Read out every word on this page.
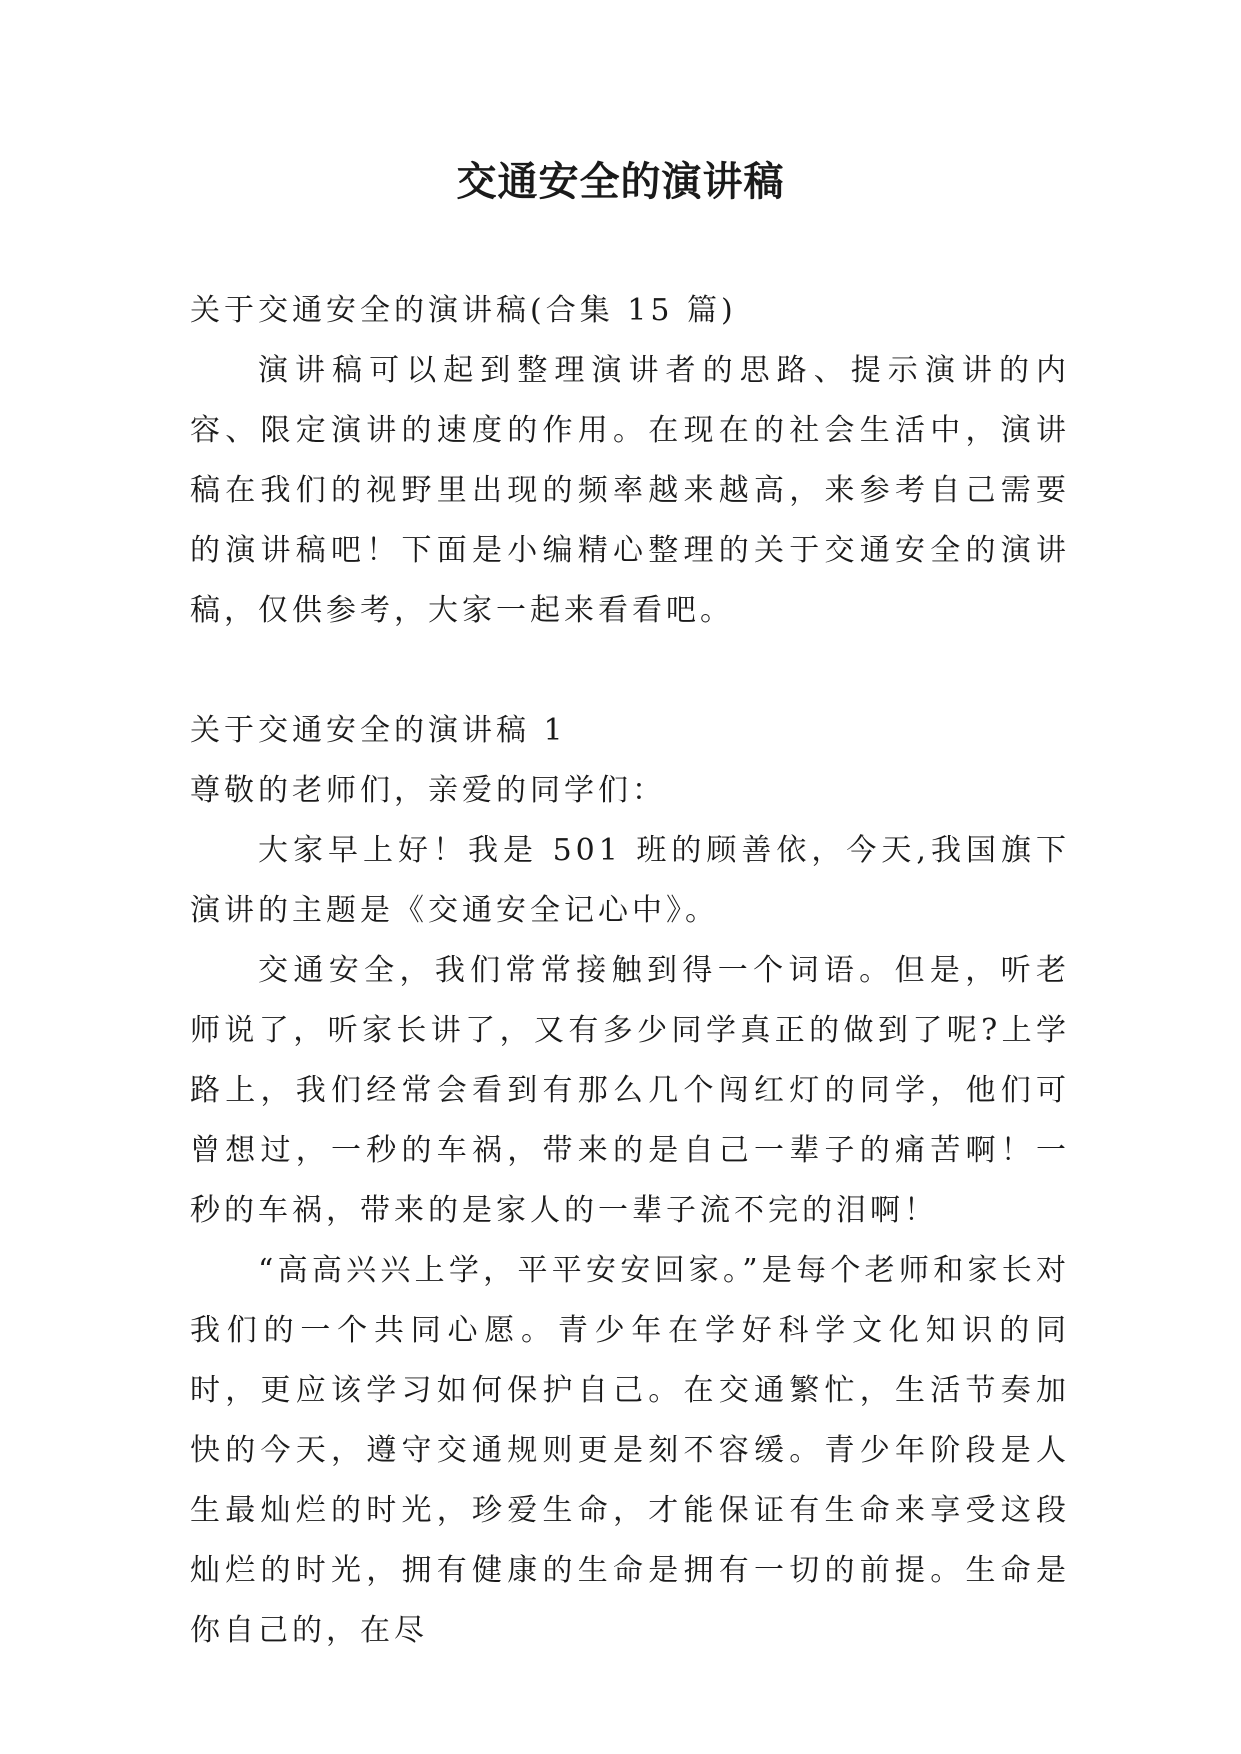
交通安全的演讲稿

关于交通安全的演讲稿(合集 15 篇)

演讲稿可以起到整理演讲者的思路、提示演讲的内容、限定演讲的速度的作用。在现在的社会生活中，演讲稿在我们的视野里出现的频率越来越高，来参考自己需要的演讲稿吧！下面是小编精心整理的关于交通安全的演讲稿，仅供参考，大家一起来看看吧。

关于交通安全的演讲稿 1

尊敬的老师们，亲爱的同学们：

大家早上好！我是 501 班的顾善依，今天,我国旗下演讲的主题是《交通安全记心中》。

交通安全，我们常常接触到得一个词语。但是，听老师说了，听家长讲了，又有多少同学真正的做到了呢?上学路上，我们经常会看到有那么几个闯红灯的同学，他们可曾想过，一秒的车祸，带来的是自己一辈子的痛苦啊！一秒的车祸，带来的是家人的一辈子流不完的泪啊！

“高高兴兴上学，平平安安回家。”是每个老师和家长对我们的一个共同心愿。青少年在学好科学文化知识的同时，更应该学习如何保护自己。在交通繁忙，生活节奏加快的今天，遵守交通规则更是刻不容缓。青少年阶段是人生最灿烂的时光，珍爱生命，才能保证有生命来享受这段灿烂的时光，拥有健康的生命是拥有一切的前提。生命是你自己的，在尽
